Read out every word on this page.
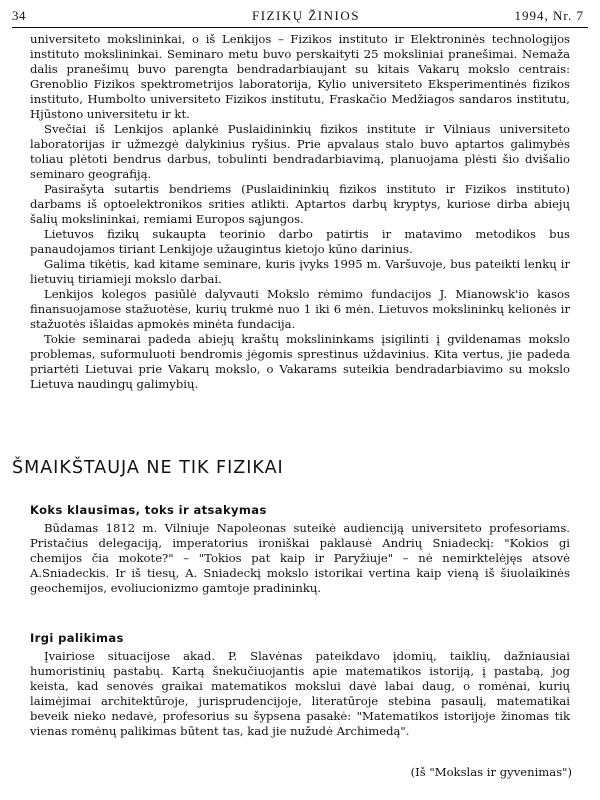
34	FIZIKŲ ŽINIOS	1994, Nr. 7

universiteto mokslininkai, o iš Lenkijos – Fizikos instituto ir Elektroninės technologijos instituto mokslininkai. Seminaro metu buvo perskaityti 25 moksliniai pranešimai. Nemaža dalis pranešimų buvo parengta bendradarbiaujant su kitais Vakarų mokslo centrais: Grenoblio Fizikos spektrometrijos laboratorija, Kylio universiteto Eksperimentinės fizikos instituto, Humbolto universiteto Fizikos institutu, Fraskačio Medžiagos sandaros institutu, Hjūstono universitetu ir kt.

Svečiai iš Lenkijos aplankė Puslaidininkių fizikos institute ir Vilniaus universiteto laboratorijas ir užmezgė dalykinius ryšius. Prie apvalaus stalo buvo aptartos galimybės toliau plėtoti bendrus darbus, tobulinti bendradarbiavimą, planuojama plėsti šio dvišalio seminaro geografiją.

Pasirašyta sutartis bendriems (Puslaidininkių fizikos instituto ir Fizikos instituto) darbams iš optoelektronikos srities atlikti. Aptartos darbų kryptys, kuriose dirba abiejų šalių mokslininkai, remiami Europos sąjungos.

Lietuvos fizikų sukaupta teorinio darbo patirtis ir matavimo metodikos bus panaudojamos tiriant Lenkijoje užaugintus kietojo kūno darinius.

Galima tikėtis, kad kitame seminare, kuris įvyks 1995 m. Varšuvoje, bus pateikti lenkų ir lietuvių tiriamieji mokslo darbai.

Lenkijos kolegos pasiūlė dalyvauti Mokslo rėmimo fundacijos J. Mianowsk'io kasos finansuojamose stažuotėse, kurių trukmė nuo 1 iki 6 mėn. Lietuvos mokslininkų kelionės ir stažuotės išlaidas apmokės minėta fundacija.

Tokie seminarai padeda abiejų kraštų mokslininkams įsigilinti į gvildenamas mokslo problemas, suformuluoti bendromis jėgomis sprestinus uždavinius. Kita vertus, jie padeda priartėti Lietuvai prie Vakarų mokslo, o Vakarams suteikia bendradarbiavimo su mokslo Lietuva naudingų galimybių.

ŠMAIKŠTAUJA NE TIK FIZIKAI
Koks klausimas, toks ir atsakymas

Būdamas 1812 m. Vilniuje Napoleonas suteikė audienciją universiteto profesoriams. Pristačius delegaciją, imperatorius ironiškai paklausė Andrių Sniadeckį: "Kokios gi chemijos čia mokote?" – "Tokios pat kaip ir Paryžiuje" – nė nemirktelėjęs atsovė A.Sniadeckis. Ir iš tiesų, A. Sniadeckį mokslo istorikai vertina kaip vieną iš šiuolaikinės geochemijos, evoliucionizmo gamtoje pradininkų.

Irgi palikimas

Įvairiose situacijose akad. P. Slavėnas pateikdavo įdomių, taiklių, dažniausiai humoristinių pastabų. Kartą šnekučiuojantis apie matematikos istoriją, į pastabą, jog keista, kad senovės graikai matematikos mokslui davė labai daug, o romėnai, kurių laimėjimai architektūroje, jurisprudencijoje, literatūroje stebina pasaulį, matematikai beveik nieko nedavė, profesorius su šypsena pasakė: "Matematikos istorijoje žinomas tik vienas romėnų palikimas būtent tas, kad jie nužudė Archimedą".

(Iš "Mokslas ir gyvenimas")
